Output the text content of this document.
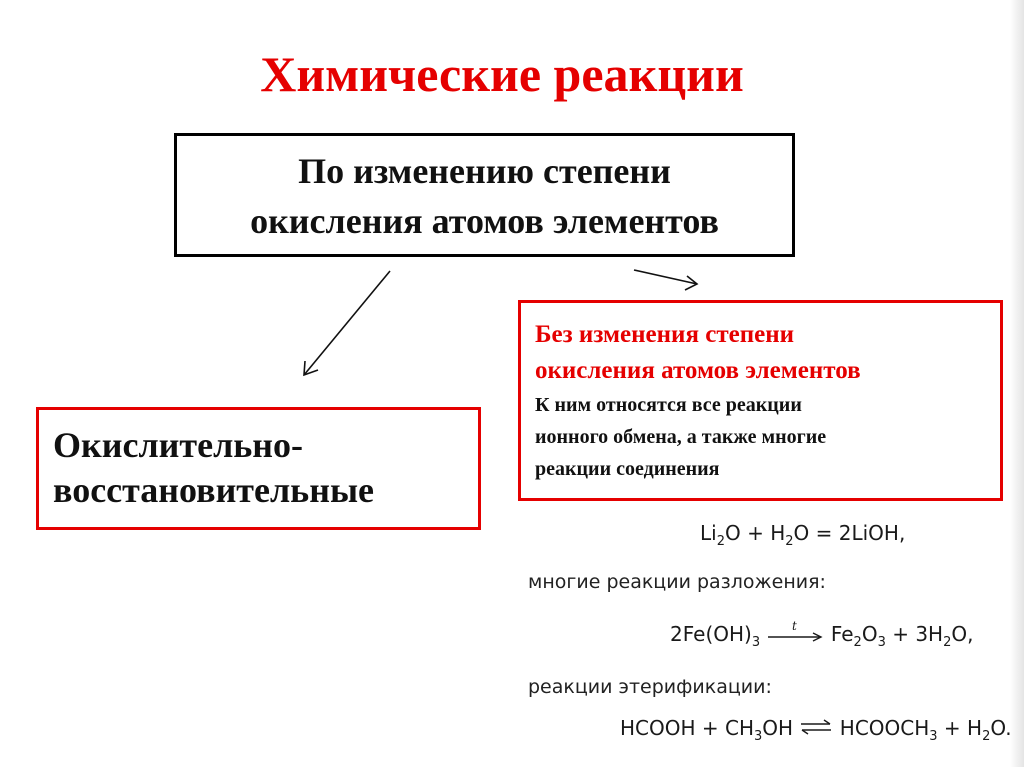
Химические реакции
По изменению степени
окисления атомов элементов
Окислительно-
восстановительные
Без изменения степени
окисления атомов элементов
К ним относятся все реакции
ионного обмена, а также многие
реакции соединения
$Li_2O + H_2O$ = 2LiOH,
многие реакции разложения:
$2Fe(OH)_3$
t $Fe_2O_3 + 3H_2O$,
реакции этерификации:
HCOOH + $CH_3OH$ ⇌ $HCOOCH_3 + H_2O$.
